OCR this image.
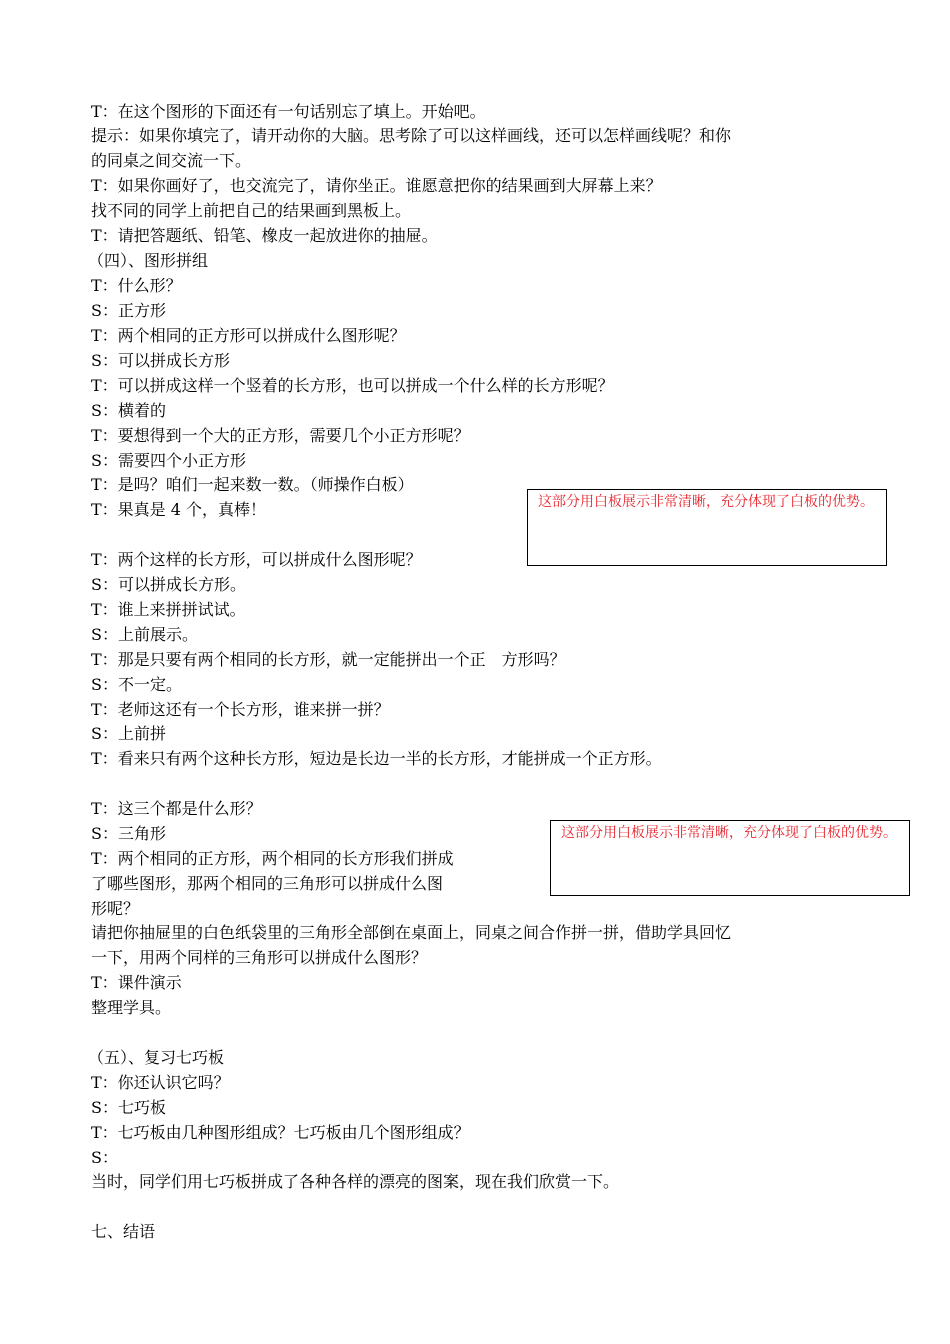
T：在这个图形的下面还有一句话别忘了填上。开始吧。
提示：如果你填完了，请开动你的大脑。思考除了可以这样画线，还可以怎样画线呢？和你
的同桌之间交流一下。
T：如果你画好了，也交流完了，请你坐正。谁愿意把你的结果画到大屏幕上来？
找不同的同学上前把自己的结果画到黑板上。
T：请把答题纸、铅笔、橡皮一起放进你的抽屉。
（四）、图形拼组
T：什么形？
S：正方形
T：两个相同的正方形可以拼成什么图形呢？
S：可以拼成长方形
T：可以拼成这样一个竖着的长方形，也可以拼成一个什么样的长方形呢？
S：横着的
T：要想得到一个大的正方形，需要几个小正方形呢？
S：需要四个小正方形
T：是吗？咱们一起来数一数。（师操作白板）
T：果真是 4 个，真棒！
T：两个这样的长方形，可以拼成什么图形呢？
S：可以拼成长方形。
T：谁上来拼拼试试。
S：上前展示。
T：那是只要有两个相同的长方形，就一定能拼出一个正　方形吗？
S：不一定。
T：老师这还有一个长方形，谁来拼一拼？
S：上前拼
T：看来只有两个这种长方形，短边是长边一半的长方形，才能拼成一个正方形。
T：这三个都是什么形？
S：三角形
T：两个相同的正方形，两个相同的长方形我们拼成
了哪些图形，那两个相同的三角形可以拼成什么图
形呢？
请把你抽屉里的白色纸袋里的三角形全部倒在桌面上，同桌之间合作拼一拼，借助学具回忆
一下，用两个同样的三角形可以拼成什么图形？
T：课件演示
整理学具。
（五）、复习七巧板
T：你还认识它吗？
S：七巧板
T：七巧板由几种图形组成？七巧板由几个图形组成？
S：
当时，同学们用七巧板拼成了各种各样的漂亮的图案，现在我们欣赏一下。
七、结语
这部分用白板展示非常清晰，充分体现了白板的优势。
这部分用白板展示非常清晰，充分体现了白板的优势。
